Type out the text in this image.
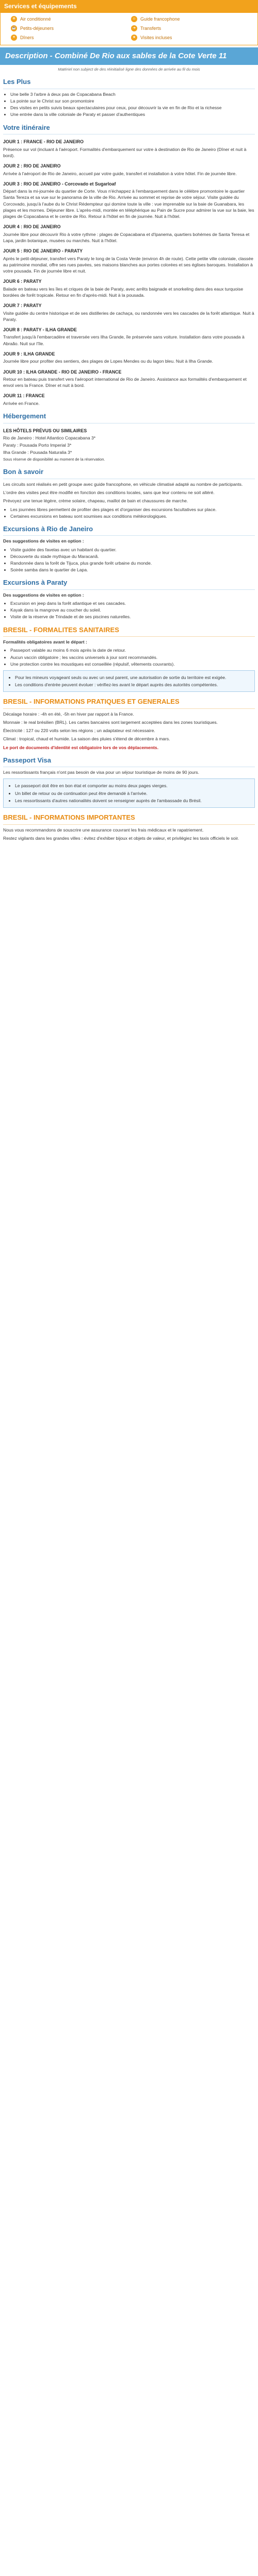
Services et équipements
❄	Air conditionné	☺ Guide francophone
☕ Petits-déjeuners	➜	Transferts
✦	Dîners	★ Visites incluses
Description - Combiné De Rio aux sables de la Cote Verte 11
Matériel non subject de des réinitialisé ligne des données de arrivée au fil du mois
Les Plus
• Une belle 3 l'arbre à deux pas de Copacabana Beach
• La pointe sur le Christ sur son promontoire
• Des visites en petits suivis beaux spectaculaires pour ceux, pour découvrir la vie en fin de Rio et la richesse
• Une entrée dans la ville coloniale de Paraty et passer d'authentiques
Votre itinéraire
JOUR 1 : FRANCE - RIO DE JANEIRO

Présence sur vol (incluant à l'aéroport. Formalités d'embarquement sur votre à destination de Rio de Janeiro (Dîner et nuit à bord).

JOUR 2 : RIO DE JANEIRO

Arrivée à l'aéroport de Rio de Janeiro, accueil par votre guide, transfert et installation à votre hôtel. Fin de journée libre.

JOUR 3 : RIO DE JANEIRO - Corcovado et Sugarloaf

Départ dans la mi-journée du quartier de Corte. Vous n'échappez à l'embarquement dans le célèbre promontoire le quartier Santa Tereza et sa vue sur le panorama de la ville de Rio. Arrivée au sommet et reprise de votre séjour. Visite guidée du Corcovado, jusqu'à l'aube du le Christ Rédempteur qui domine toute la ville : vue imprenable sur la baie de Guanabara, les plages et les mornes. Déjeuner libre. L'après-midi, montée en téléphérique au Pain de Sucre pour admirer la vue sur la baie, les plages de Copacabana et le centre de Rio. Retour à l'hôtel en fin de journée. Nuit à l'hôtel.

JOUR 4 : RIO DE JANEIRO

Journée libre pour découvrir Rio à votre rythme : plages de Copacabana et d'Ipanema, quartiers bohèmes de Santa Teresa et Lapa, jardin botanique, musées ou marchés. Nuit à l'hôtel.

JOUR 5 : RIO DE JANEIRO - PARATY

Après le petit-déjeuner, transfert vers Paraty le long de la Costa Verde (environ 4h de route). Cette petite ville coloniale, classée au patrimoine mondial, offre ses rues pavées, ses maisons blanches aux portes colorées et ses églises baroques. Installation à votre pousada. Fin de journée libre et nuit.

JOUR 6 : PARATY

Balade en bateau vers les îles et criques de la baie de Paraty, avec arrêts baignade et snorkeling dans des eaux turquoise bordées de forêt tropicale. Retour en fin d'après-midi. Nuit à la pousada.

JOUR 7 : PARATY

Visite guidée du centre historique et de ses distilleries de cachaça, ou randonnée vers les cascades de la forêt atlantique. Nuit à Paraty.

JOUR 8 : PARATY - ILHA GRANDE

Transfert jusqu'à l'embarcadère et traversée vers Ilha Grande, île préservée sans voiture. Installation dans votre pousada à Abraão. Nuit sur l'île.

JOUR 9 : ILHA GRANDE

Journée libre pour profiter des sentiers, des plages de Lopes Mendes ou du lagon bleu. Nuit à Ilha Grande.

JOUR 10 : ILHA GRANDE - RIO DE JANEIRO - FRANCE

Retour en bateau puis transfert vers l'aéroport international de Rio de Janeiro. Assistance aux formalités d'embarquement et envol vers la France. Dîner et nuit à bord.

JOUR 11 : FRANCE

Arrivée en France.

Hébergement
LES HÔTELS PRÉVUS OU SIMILAIRES
Rio de Janeiro : Hotel Atlantico Copacabana 3*
Paraty : Pousada Porto Imperial 3*
Ilha Grande : Pousada Naturalia 3*

Sous réserve de disponibilité au moment de la réservation.

Bon à savoir

Les circuits sont réalisés en petit groupe avec guide francophone, en véhicule climatisé adapté au nombre de participants.

L'ordre des visites peut être modifié en fonction des conditions locales, sans que leur contenu ne soit altéré.

Prévoyez une tenue légère, crème solaire, chapeau, maillot de bain et chaussures de marche.

• Les journées libres permettent de profiter des plages et d'organiser des excursions facultatives sur place.
• Certaines excursions en bateau sont soumises aux conditions météorologiques.
Excursions à Rio de Janeiro

Des suggestions de visites en option :

• Visite guidée des favelas avec un habitant du quartier.
• Découverte du stade mythique du Maracanã.
• Randonnée dans la forêt de Tijuca, plus grande forêt urbaine du monde.
• Soirée samba dans le quartier de Lapa.
Excursions à Paraty

Des suggestions de visites en option :

• Excursion en jeep dans la forêt atlantique et ses cascades.
• Kayak dans la mangrove au coucher du soleil.
• Visite de la réserve de Trindade et de ses piscines naturelles.
BRESIL - FORMALITES SANITAIRES

Formalités obligatoires avant le départ :

• Passeport valable au moins 6 mois après la date de retour.
• Aucun vaccin obligatoire ; les vaccins universels à jour sont recommandés.
• Une protection contre les moustiques est conseillée (répulsif, vêtements couvrants).
• Pour les mineurs voyageant seuls ou avec un seul parent, une autorisation de sortie du territoire est exigée.
• Les conditions d'entrée peuvent évoluer : vérifiez-les avant le départ auprès des autorités compétentes.
BRESIL - INFORMATIONS PRATIQUES ET GENERALES

Décalage horaire : -4h en été, -5h en hiver par rapport à la France.

Monnaie : le real brésilien (BRL). Les cartes bancaires sont largement acceptées dans les zones touristiques.

Électricité : 127 ou 220 volts selon les régions ; un adaptateur est nécessaire.

Climat : tropical, chaud et humide. La saison des pluies s'étend de décembre à mars.

Le port de documents d'identité est obligatoire lors de vos déplacements.

Passeport Visa

Les ressortissants français n'ont pas besoin de visa pour un séjour touristique de moins de 90 jours.

• Le passeport doit être en bon état et comporter au moins deux pages vierges.
• Un billet de retour ou de continuation peut être demandé à l'arrivée.
• Les ressortissants d'autres nationalités doivent se renseigner auprès de l'ambassade du Brésil.
BRESIL - INFORMATIONS IMPORTANTES

Nous vous recommandons de souscrire une assurance couvrant les frais médicaux et le rapatriement.

Restez vigilants dans les grandes villes : évitez d'exhiber bijoux et objets de valeur, et privilégiez les taxis officiels le soir.
